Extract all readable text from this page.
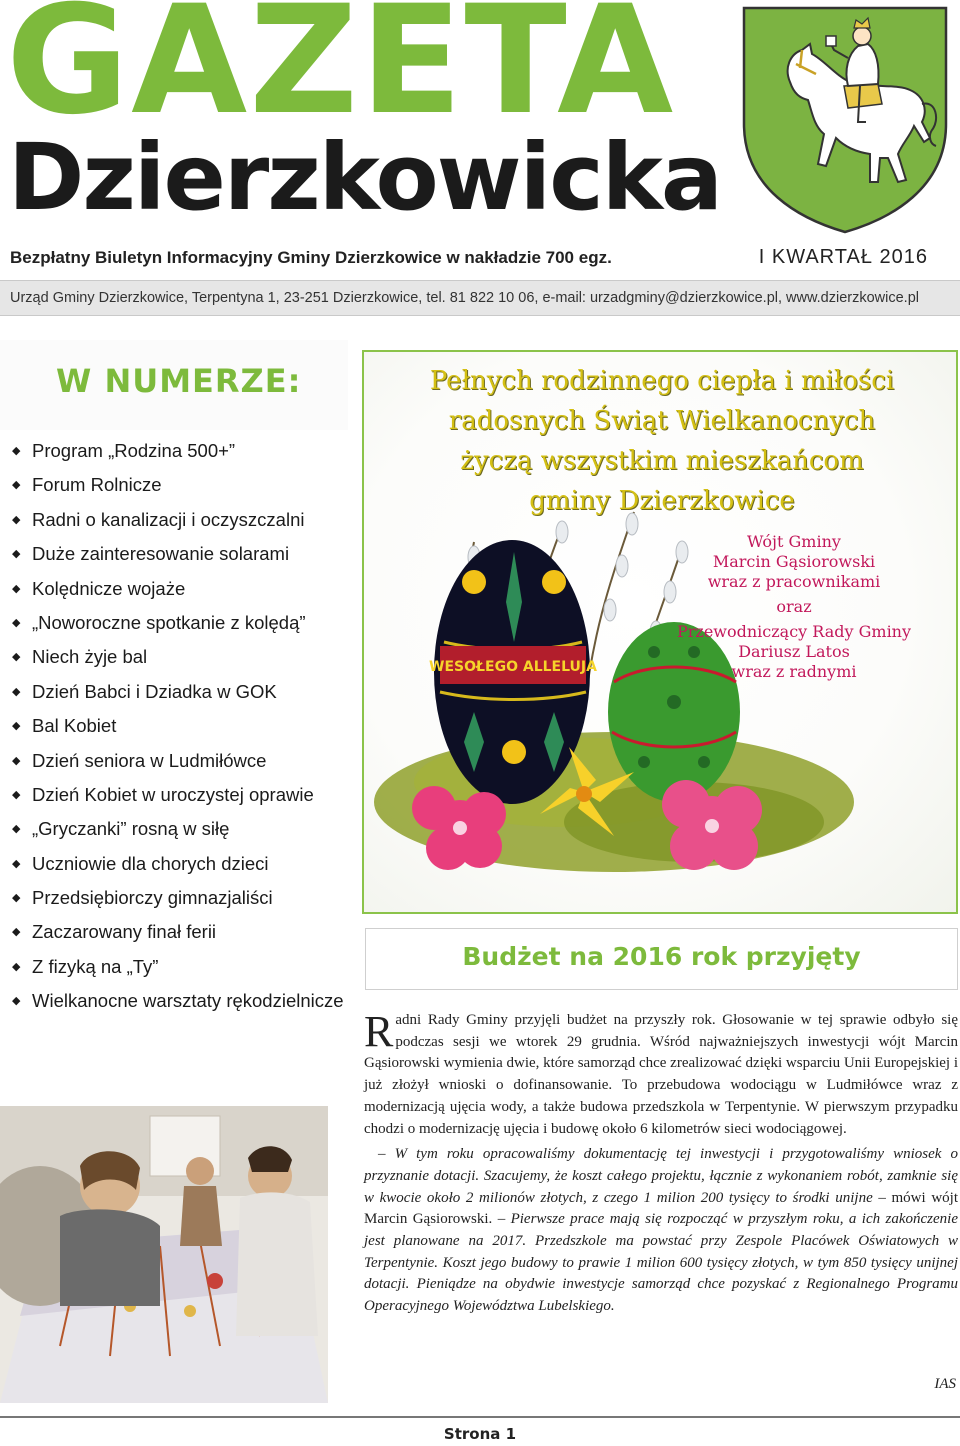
GAZETA
Dzierzkowicka
Bezpłatny Biuletyn Informacyjny Gminy Dzierzkowice w nakładzie 700 egz.	I KWARTAŁ 2016
Urząd Gminy Dzierzkowice, Terpentyna 1, 23-251 Dzierzkowice, tel. 81 822 10 06, e-mail: urzadgminy@dzierzkowice.pl, www.dzierzkowice.pl
W NUMERZE:
◆ Program „Rodzina 500+”
◆ Forum Rolnicze
◆ Radni o kanalizacji i oczyszczalni
◆ Duże zainteresowanie solarami
◆ Kolędnicze wojaże
◆ „Noworoczne spotkanie z kolędą”
◆ Niech żyje bal
◆ Dzień Babci i Dziadka w GOK
◆ Bal Kobiet
◆ Dzień seniora w Ludmiłówce
◆ Dzień Kobiet w uroczystej oprawie
◆ „Gryczanki” rosną w siłę
◆ Uczniowie dla chorych dzieci
◆ Przedsiębiorczy gimnazjaliści
◆ Zaczarowany finał ferii
◆ Z fizyką na „Ty”
◆ Wielkanocne warsztaty rękodzielnicze
WESOŁEGO ALLELUJA
Pełnych rodzinnego ciepła i miłości
radosnych Świąt Wielkanocnych
życzą wszystkim mieszkańcom
gminy Dzierzkowice
Wójt Gminy
Marcin Gąsiorowski
wraz z pracownikami
oraz
Przewodniczący Rady Gminy
Dariusz Latos
wraz z radnymi
Budżet na 2016 rok przyjęty

Radni Rady Gminy przyjęli budżet na przyszły rok. Głosowanie w tej sprawie odbyło się podczas sesji we wtorek 29 grudnia. Wśród najważniejszych inwestycji wójt Marcin Gąsiorowski wymienia dwie, które samorząd chce zrealizować dzięki wsparciu Unii Europejskiej i już złożył wnioski o dofinansowanie. To przebudowa wodociągu w Ludmiłówce wraz z modernizacją ujęcia wody, a także budowa przedszkola w Terpentynie. W pierwszym przypadku chodzi o modernizację ujęcia i budowę około 6 kilometrów sieci wodociągowej.

– W tym roku opracowaliśmy dokumentację tej inwestycji i przygotowaliśmy wniosek o przyznanie dotacji. Szacujemy, że koszt całego projektu, łącznie z wykonaniem robót, zamknie się w kwocie około 2 milionów złotych, z czego 1 milion 200 tysięcy to środki unijne – mówi wójt Marcin Gąsiorowski. – Pierwsze prace mają się rozpocząć w przyszłym roku, a ich zakończenie jest planowane na 2017. Przedszkole ma powstać przy Zespole Placówek Oświatowych w Terpentynie. Koszt jego budowy to prawie 1 milion 600 tysięcy złotych, w tym 850 tysięcy unijnej dotacji. Pieniądze na obydwie inwestycje samorząd chce pozyskać z Regionalnego Programu Operacyjnego Województwa Lubelskiego.

IAS
Strona 1
